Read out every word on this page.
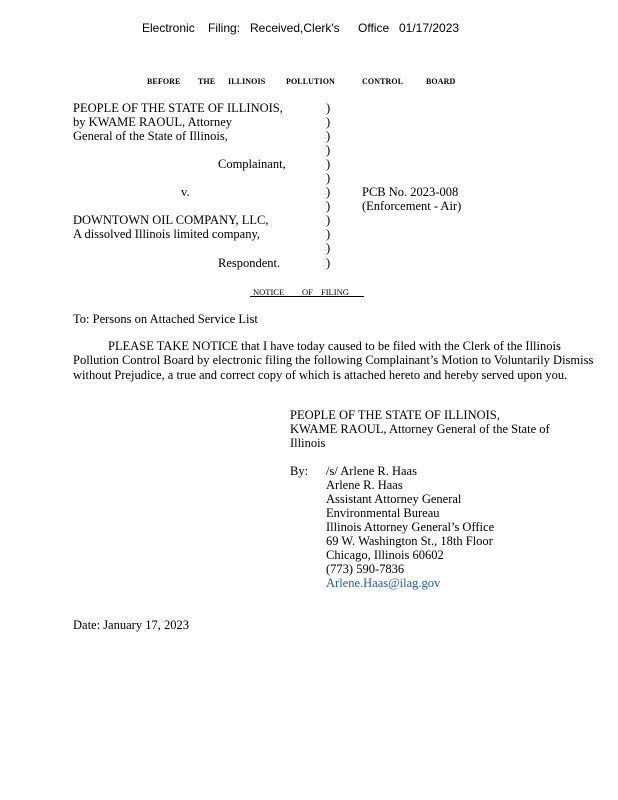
Electronic Filing: Received,Clerk's Office 01/17/2023
BEFORE THE ILLINOIS	POLLUTION	CONTROL	BOARD
PEOPLE OF THE STATE OF ILLINOIS,
by KWAME RAOUL, Attorney
General of the State of Illinois,
Complainant,
v.
DOWNTOWN OIL COMPANY, LLC,
A dissolved Illinois limited company,
Respondent.
)
)
)
)
)
)
)
)
)
)
)
)
PCB No. 2023-008
(Enforcement - Air)
NOTICE OF FILING
To: Persons on Attached Service List
PLEASE TAKE NOTICE that I have today caused to be filed with the Clerk of the Illinois Pollution Control Board by electronic filing the following Complainant’s Motion to Voluntarily Dismiss without Prejudice, a true and correct copy of which is attached hereto and hereby served upon you.
PEOPLE OF THE STATE OF ILLINOIS,
KWAME RAOUL, Attorney General of the State of
Illinois
By: /s/ Arlene R. Haas
Arlene R. Haas
Assistant Attorney General
Environmental Bureau
Illinois Attorney General’s Office
69 W. Washington St., 18th Floor
Chicago, Illinois 60602
(773) 590-7836
Arlene.Haas@ilag.gov
Date: January 17, 2023
